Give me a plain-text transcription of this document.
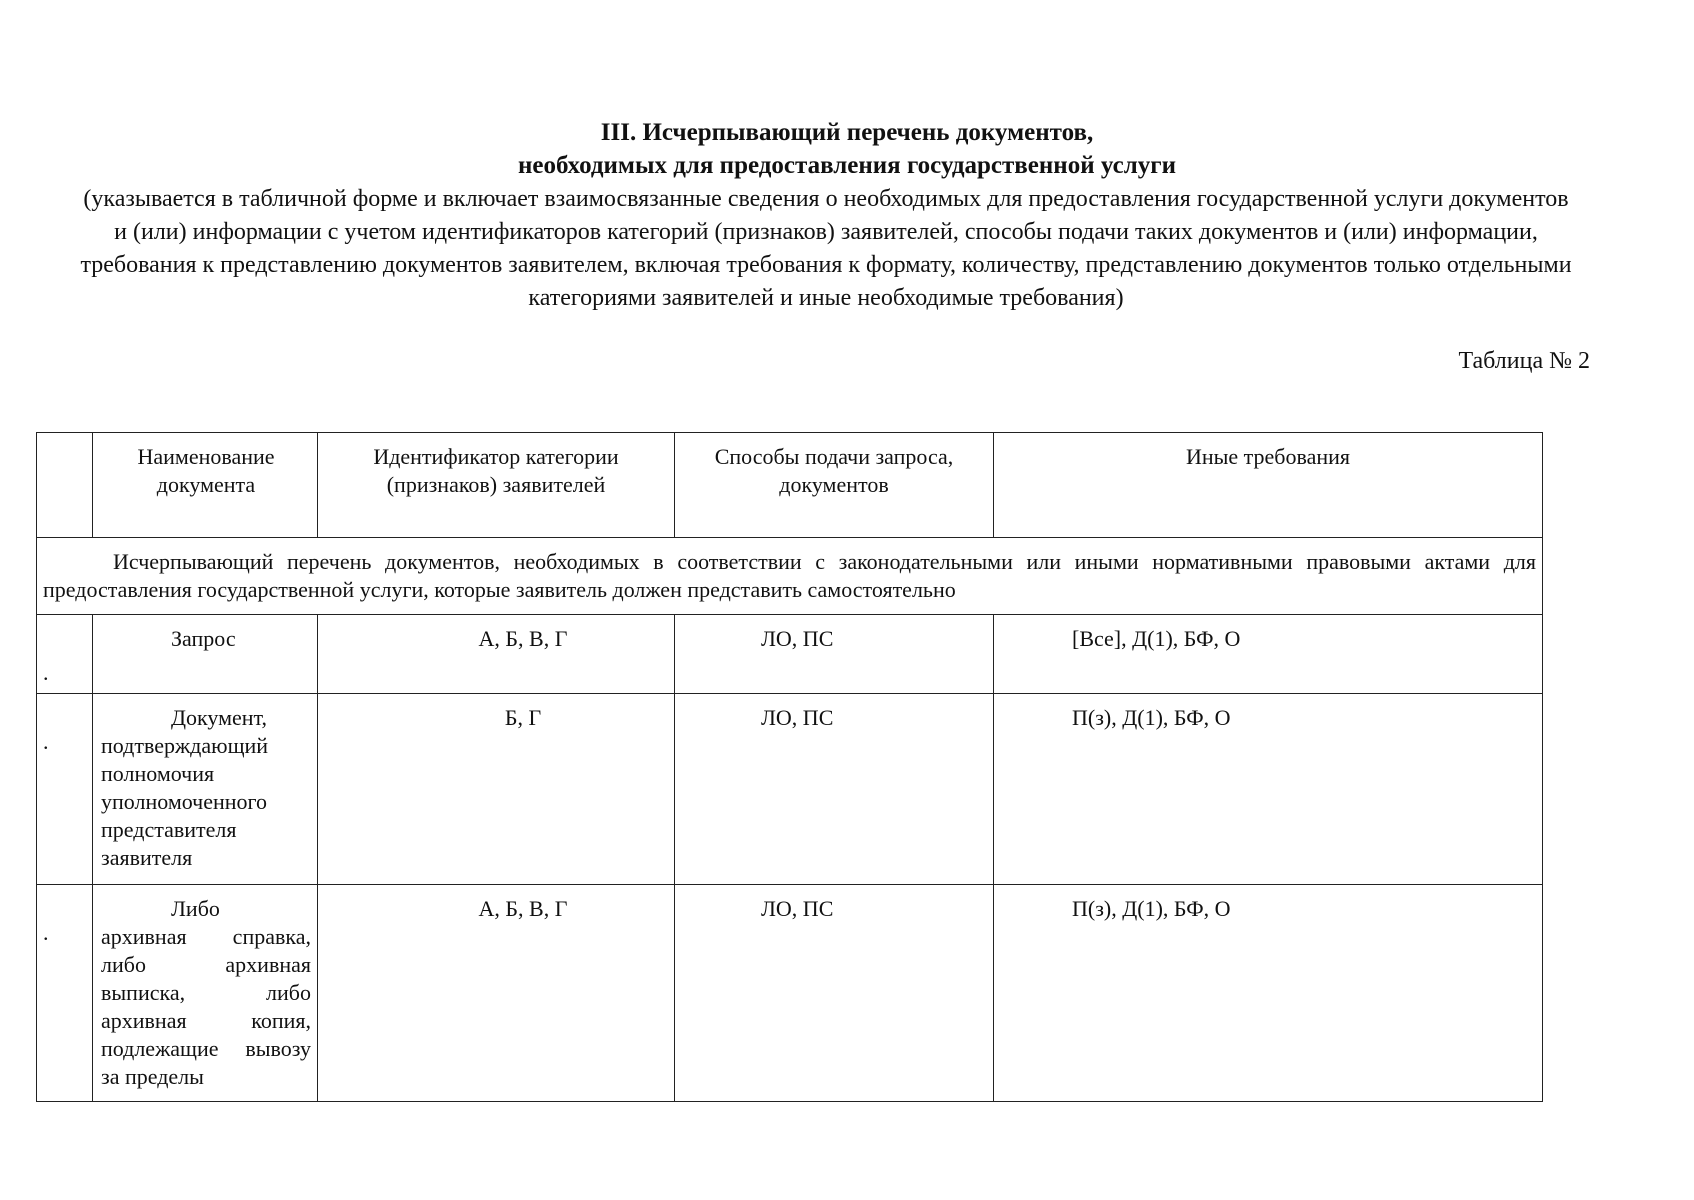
III. Исчерпывающий перечень документов,
необходимых для предоставления государственной услуги
(указывается в табличной форме и включает взаимосвязанные сведения о необходимых для предоставления государственной услуги документов и (или) информации с учетом идентификаторов категорий (признаков) заявителей, способы подачи таких документов и (или) информации, требования к представлению документов заявителем, включая требования к формату, количеству, представлению документов только отдельными категориями заявителей и иные необходимые требования)
Таблица № 2
	Наименование документа	Идентификатор категории (признаков) заявителей	Способы подачи запроса, документов	Иные требования
Исчерпывающий перечень документов, необходимых в соответствии с законодательными или иными нормативными правовыми актами для предоставления государственной услуги, которые заявитель должен представить самостоятельно				
.	Запрос	А, Б, В, Г	ЛО, ПС	[Все], Д(1), БФ, О
.	Документ,
подтверждающий полномочия уполномоченного представителя заявителя	Б, Г	ЛО, ПС	П(з), Д(1), БФ, О
.	Либо
архивная справка, либо архивная выписка, либо архивная копия, подлежащие вывозу за пределы	А, Б, В, Г	ЛО, ПС	П(з), Д(1), БФ, О
